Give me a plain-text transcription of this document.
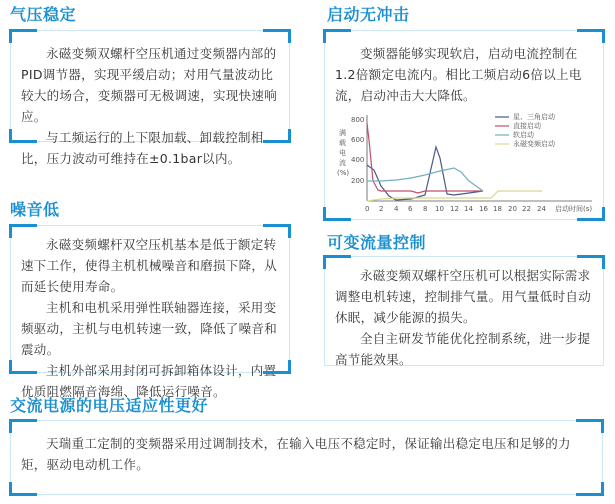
气压稳定

永磁变频双螺杆空压机通过变频器内部的PID调节器，实现平缓启动；对用气量波动比较大的场合，变频器可无极调速，实现快速响应。

与工频运行的上下限加载、卸载控制相比，压力波动可维持在±0.1bar以内。

启动无冲击

变频器能够实现软启，启动电流控制在1.2倍额定电流内。相比工频启动6倍以上电流，启动冲击大大降低。

200
400
600
800
满
载
电
流
(%)
0 2 4 6 8 10 12 14 16 18 20 22 24 启动时间(s)
星、三角启动
直接启动
软启动
永磁变频启动
噪音低

永磁变频螺杆双空压机基本是低于额定转速下工作，使得主机机械噪音和磨损下降，从而延长使用寿命。

主机和电机采用弹性联轴器连接，采用变频驱动，主机与电机转速一致，降低了噪音和震动。

主机外部采用封闭可拆卸箱体设计，内置优质阻燃隔音海绵、降低运行噪音。

可变流量控制

永磁变频双螺杆空压机可以根据实际需求调整电机转速，控制排气量。用气量低时自动休眠，减少能源的损失。

全自主研发节能优化控制系统，进一步提高节能效果。

交流电源的电压适应性更好

天瑞重工定制的变频器采用过调制技术，在输入电压不稳定时，保证输出稳定电压和足够的力矩，驱动电动机工作。
